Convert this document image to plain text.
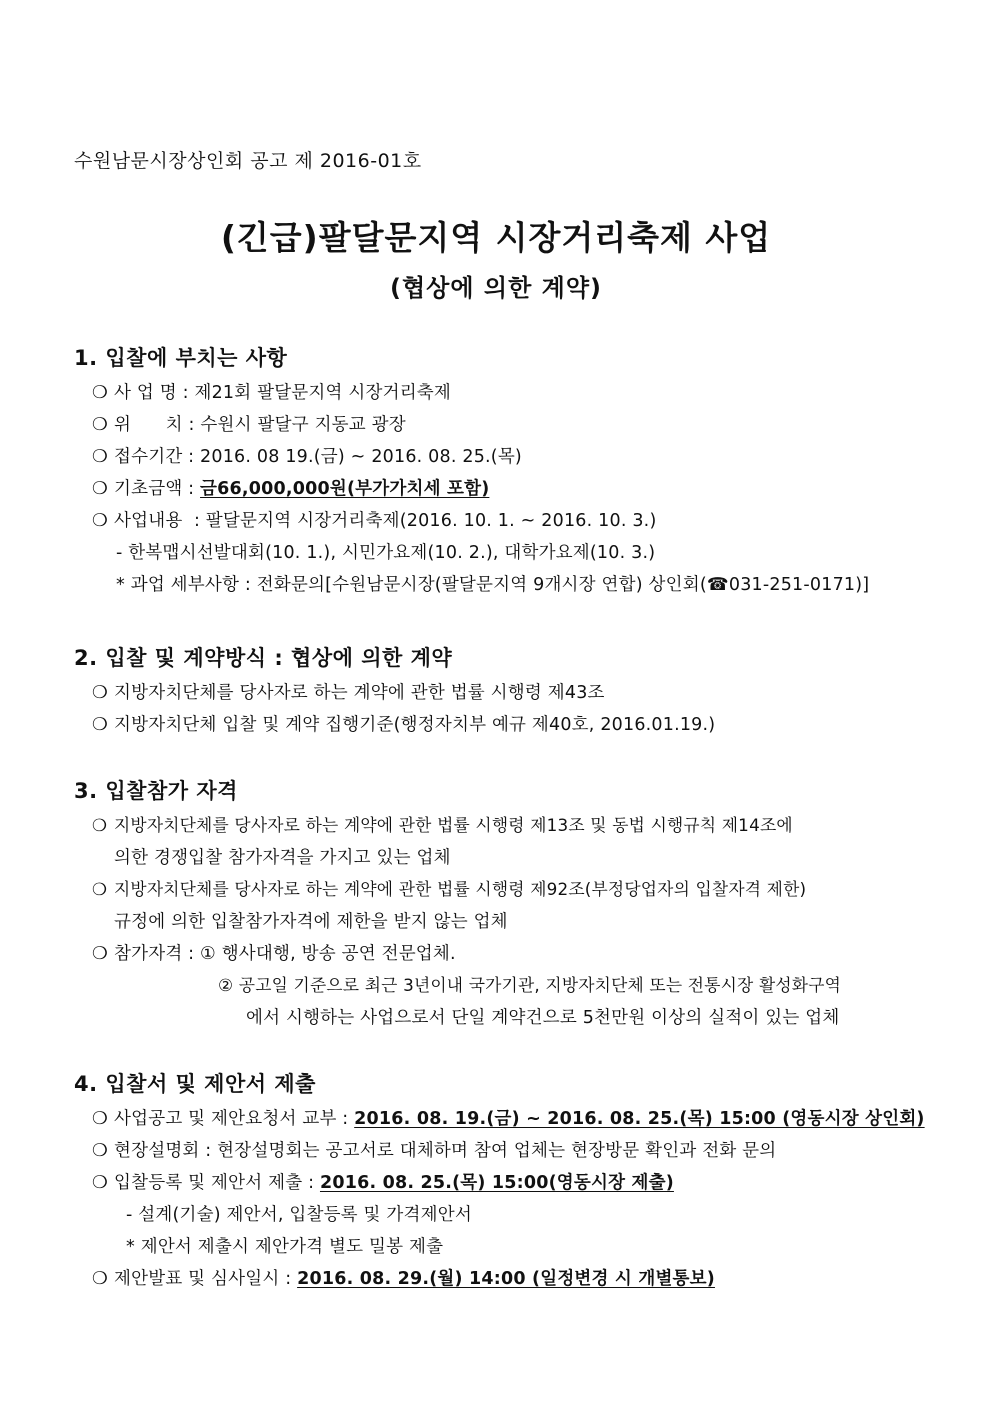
수원남문시장상인회 공고 제 2016-01호
(긴급)팔달문지역 시장거리축제 사업
(협상에 의한 계약)
1. 입찰에 부치는 사항
❍ 사 업 명 : 제21회 팔달문지역 시장거리축제
❍ 위      치 : 수원시 팔달구 지동교 광장
❍ 접수기간 : 2016. 08 19.(금) ~ 2016. 08. 25.(목)
❍ 기초금액 : 금66,000,000원(부가가치세 포함)
❍ 사업내용  : 팔달문지역 시장거리축제(2016. 10. 1. ~ 2016. 10. 3.)
- 한복맵시선발대회(10. 1.), 시민가요제(10. 2.), 대학가요제(10. 3.)
* 과업 세부사항 : 전화문의[수원남문시장(팔달문지역 9개시장 연합) 상인회(☎031-251-0171)]
2. 입찰 및 계약방식 : 협상에 의한 계약
❍ 지방자치단체를 당사자로 하는 계약에 관한 법률 시행령 제43조
❍ 지방자치단체 입찰 및 계약 집행기준(행정자치부 예규 제40호, 2016.01.19.)
3. 입찰참가 자격
❍ 지방자치단체를 당사자로 하는 계약에 관한 법률 시행령 제13조 및 동법 시행규칙 제14조에
의한 경쟁입찰 참가자격을 가지고 있는 업체
❍ 지방자치단체를 당사자로 하는 계약에 관한 법률 시행령 제92조(부정당업자의 입찰자격 제한)
규정에 의한 입찰참가자격에 제한을 받지 않는 업체
❍ 참가자격 : ① 행사대행, 방송 공연 전문업체.
② 공고일 기준으로 최근 3년이내 국가기관, 지방자치단체 또는 전통시장 활성화구역
에서 시행하는 사업으로서 단일 계약건으로 5천만원 이상의 실적이 있는 업체
4. 입찰서 및 제안서 제출
❍ 사업공고 및 제안요청서 교부 : 2016. 08. 19.(금) ~ 2016. 08. 25.(목) 15:00 (영동시장 상인회)
❍ 현장설명회 : 현장설명회는 공고서로 대체하며 참여 업체는 현장방문 확인과 전화 문의
❍ 입찰등록 및 제안서 제출 : 2016. 08. 25.(목) 15:00(영동시장 제출)
- 설계(기술) 제안서, 입찰등록 및 가격제안서
* 제안서 제출시 제안가격 별도 밀봉 제출
❍ 제안발표 및 심사일시 : 2016. 08. 29.(월) 14:00 (일정변경 시 개별통보)
